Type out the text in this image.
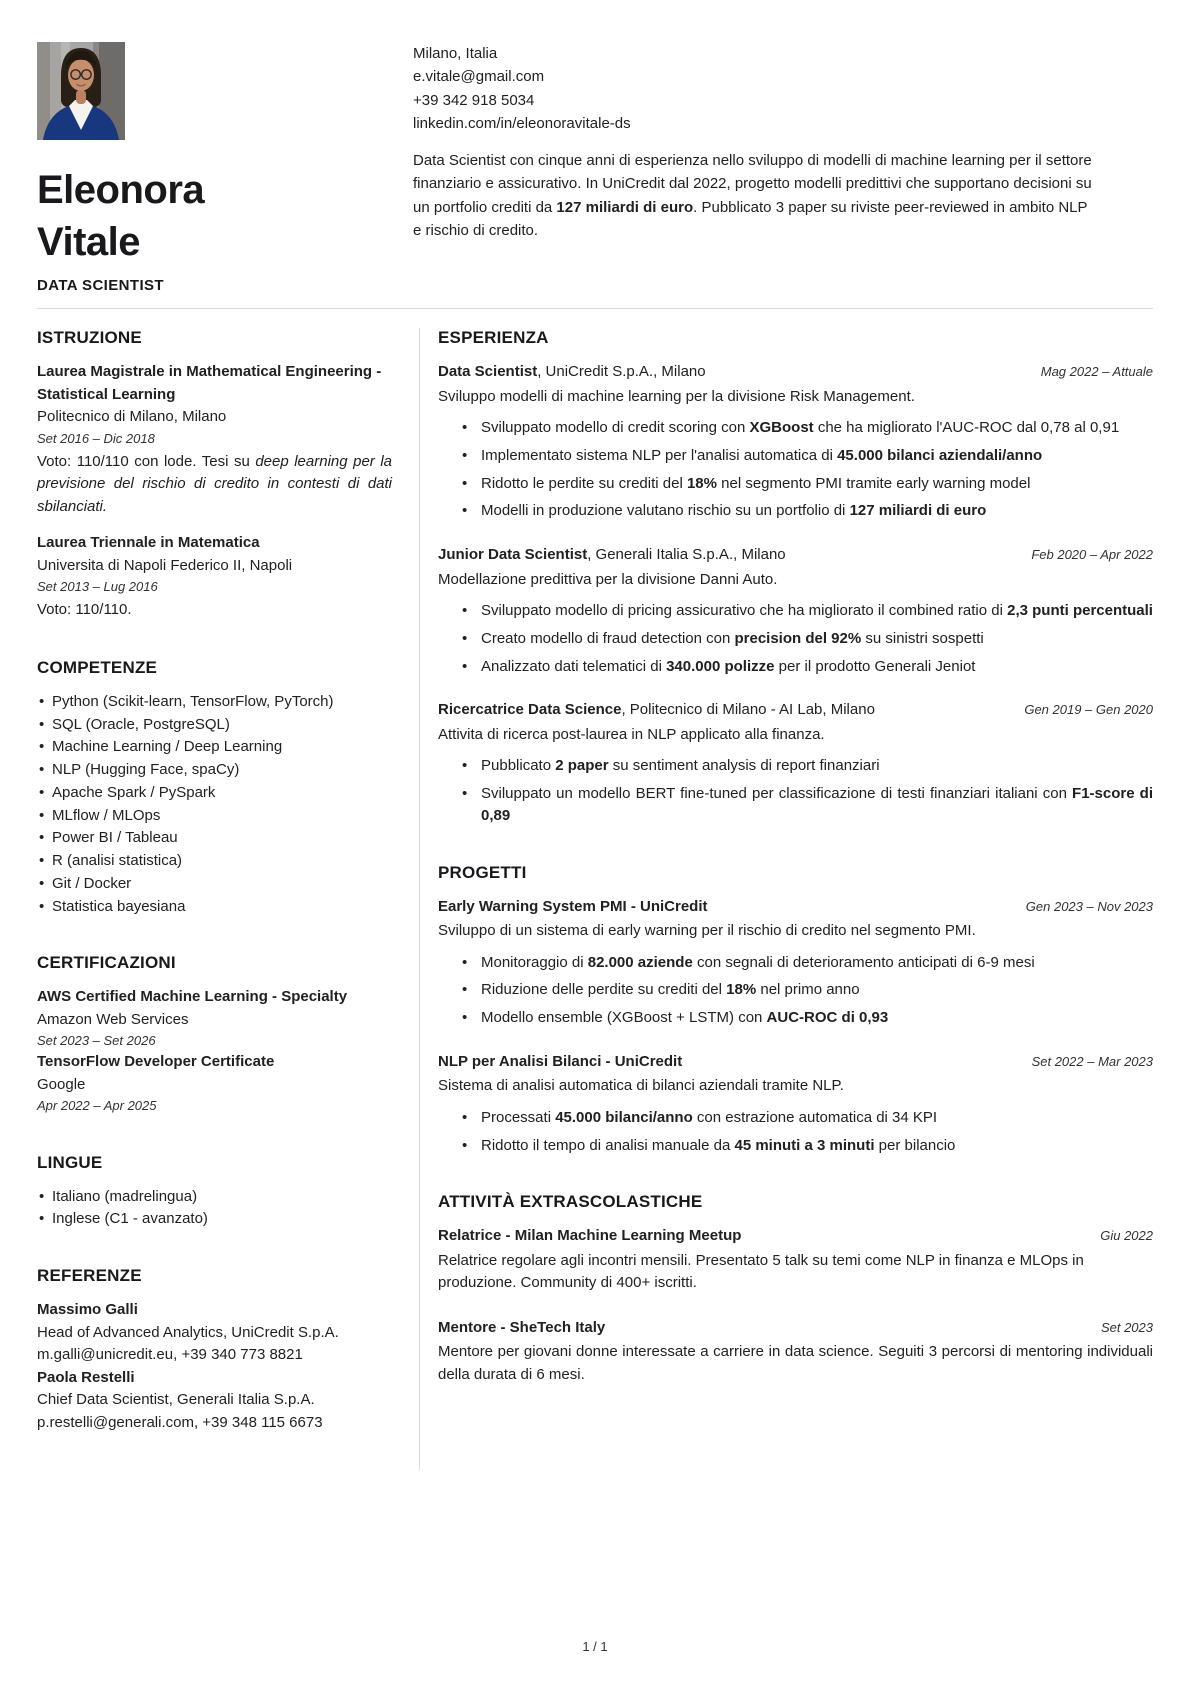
Eleonora
Vitale
DATA SCIENTIST
Milano, Italia
e.vitale@gmail.com
+39 342 918 5034
linkedin.com/in/eleonoravitale-ds

Data Scientist con cinque anni di esperienza nello sviluppo di modelli di machine learning per il settore finanziario e assicurativo. In UniCredit dal 2022, progetto modelli predittivi che supportano decisioni su un portfolio crediti da 127 miliardi di euro. Pubblicato 3 paper su riviste peer-reviewed in ambito NLP e rischio di credito.

ISTRUZIONE
Laurea Magistrale in Mathematical Engineering - Statistical Learning
Politecnico di Milano, Milano
Set 2016 – Dic 2018

Voto: 110/110 con lode. Tesi su deep learning per la previsione del rischio di credito in contesti di dati sbilanciati.

Laurea Triennale in Matematica
Universita di Napoli Federico II, Napoli
Set 2013 – Lug 2016

Voto: 110/110.

COMPETENZE
• Python (Scikit-learn, TensorFlow, PyTorch)
• SQL (Oracle, PostgreSQL)
• Machine Learning / Deep Learning
• NLP (Hugging Face, spaCy)
• Apache Spark / PySpark
• MLflow / MLOps
• Power BI / Tableau
• R (analisi statistica)
• Git / Docker
• Statistica bayesiana
CERTIFICAZIONI
AWS Certified Machine Learning - Specialty
Amazon Web Services
Set 2023 – Set 2026
TensorFlow Developer Certificate
Google
Apr 2022 – Apr 2025
LINGUE
• Italiano (madrelingua)
• Inglese (C1 - avanzato)
REFERENZE
Massimo Galli
Head of Advanced Analytics, UniCredit S.p.A.
m.galli@unicredit.eu, +39 340 773 8821
Paola Restelli
Chief Data Scientist, Generali Italia S.p.A.
p.restelli@generali.com, +39 348 115 6673
ESPERIENZA
Data Scientist, UniCredit S.p.A., Milano	Mag 2022 – Attuale

Sviluppo modelli di machine learning per la divisione Risk Management.

• Sviluppato modello di credit scoring con XGBoost che ha migliorato l'AUC-ROC dal 0,78 al 0,91
• Implementato sistema NLP per l'analisi automatica di 45.000 bilanci aziendali/anno
• Ridotto le perdite su crediti del 18% nel segmento PMI tramite early warning model
• Modelli in produzione valutano rischio su un portfolio di 127 miliardi di euro
Junior Data Scientist, Generali Italia S.p.A., Milano	Feb 2020 – Apr 2022

Modellazione predittiva per la divisione Danni Auto.

• Sviluppato modello di pricing assicurativo che ha migliorato il combined ratio di 2,3 punti percentuali
• Creato modello di fraud detection con precision del 92% su sinistri sospetti
• Analizzato dati telematici di 340.000 polizze per il prodotto Generali Jeniot
Ricercatrice Data Science, Politecnico di Milano - AI Lab, Milano	Gen 2019 – Gen 2020

Attivita di ricerca post-laurea in NLP applicato alla finanza.

• Pubblicato 2 paper su sentiment analysis di report finanziari
• Sviluppato un modello BERT fine-tuned per classificazione di testi finanziari italiani con F1-score di 0,89
PROGETTI
Early Warning System PMI - UniCredit	Gen 2023 – Nov 2023

Sviluppo di un sistema di early warning per il rischio di credito nel segmento PMI.

• Monitoraggio di 82.000 aziende con segnali di deterioramento anticipati di 6-9 mesi
• Riduzione delle perdite su crediti del 18% nel primo anno
• Modello ensemble (XGBoost + LSTM) con AUC-ROC di 0,93
NLP per Analisi Bilanci - UniCredit	Set 2022 – Mar 2023

Sistema di analisi automatica di bilanci aziendali tramite NLP.

• Processati 45.000 bilanci/anno con estrazione automatica di 34 KPI
• Ridotto il tempo di analisi manuale da 45 minuti a 3 minuti per bilancio
ATTIVITÀ EXTRASCOLASTICHE
Relatrice - Milan Machine Learning Meetup	Giu 2022

Relatrice regolare agli incontri mensili. Presentato 5 talk su temi come NLP in finanza e MLOps in produzione. Community di 400+ iscritti.

Mentore - SheTech Italy	Set 2023

Mentore per giovani donne interessate a carriere in data science. Seguiti 3 percorsi di mentoring individuali della durata di 6 mesi.

1 / 1
